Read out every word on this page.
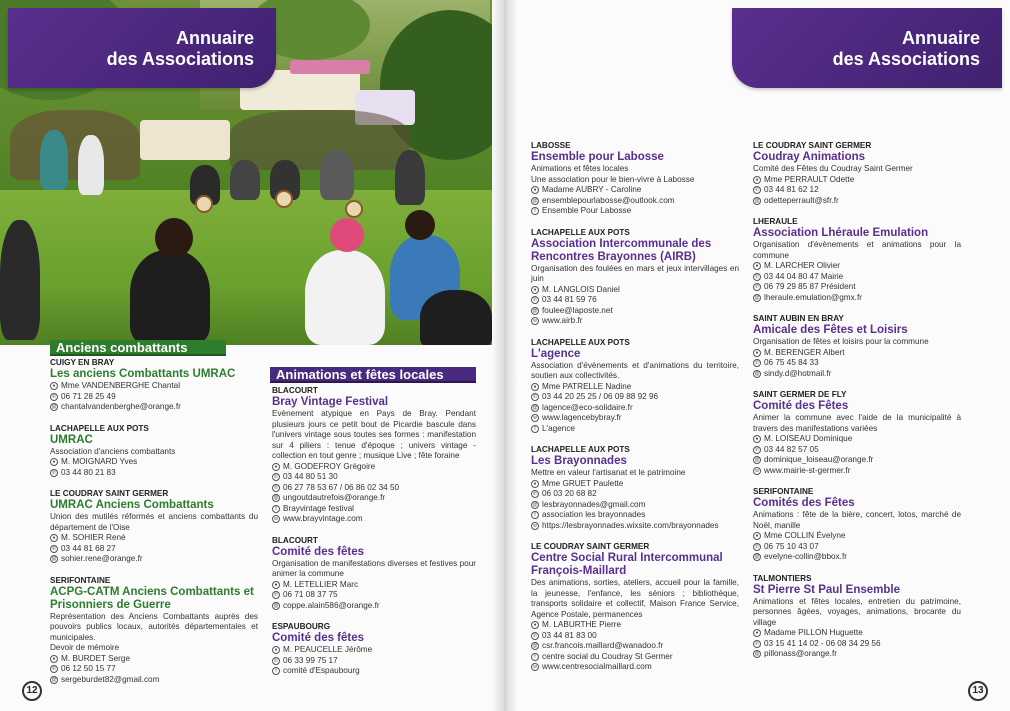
Annuaire
des Associations
Anciens combattants
Animations et fêtes locales
CUIGY EN BRAY
Les anciens Combattants UMRAC
● Mme VANDENBERGHE Chantal
✆ 06 71 28 25 49
@ chantalvandenberghe@orange.fr
LACHAPELLE AUX POTS
UMRAC
Association d'anciens combattants
● M. MOIGNARD Yves
✆ 03 44 80 21 83
LE COUDRAY SAINT GERMER
UMRAC Anciens Combattants
Union des mutilés réformés et anciens combattants du département de l'Oise
● M. SOHIER René
✆ 03 44 81 68 27
@ sohier.rene@orange.fr
SERIFONTAINE
ACPG-CATM Anciens Combattants et Prisonniers de Guerre
Représentation des Anciens Combattants auprès des pouvoirs publics locaux, autorités départementales et municipales.
Devoir de mémoire
● M. BURDET Serge
✆ 06 12 50 15 77
@ sergeburdet82@gmail.com
BLACOURT
Bray Vintage Festival
Evènement atypique en Pays de Bray. Pendant plusieurs jours ce petit bout de Picardie bascule dans l'univers vintage sous toutes ses formes : manifestation sur 4 piliers : tenue d'époque ; univers vintage - collection en tout genre ; musique Live ; fête foraine
● M. GODEFROY Grégoire
✆ 03 44 80 51 30
✆ 06 27 78 53 67 / 06 86 02 34 50
@ ungoutdautrefois@orange.fr
f Brayvintage festival
w www.brayvintage.com
BLACOURT
Comité des fêtes
Organisation de manifestations diverses et festives pour animer la commune
● M. LETELLIER Marc
✆ 06 71 08 37 75
@ coppe.alain586@orange.fr
ESPAUBOURG
Comité des fêtes
● M. PEAUCELLE Jérôme
✆ 06 33 99 75 17
f comité d'Espaubourg
12
Annuaire
des Associations
LABOSSE
Ensemble pour Labosse
Animations et fêtes locales
Une association pour le bien-vivre à Labosse
● Madame AUBRY - Caroline
@ ensemblepourlabosse@outlook.com
f Ensemble Pour Labosse
LACHAPELLE AUX POTS
Association Intercommunale des Rencontres Brayonnes (AIRB)
Organisation des foulées en mars et jeux intervillages en juin
● M. LANGLOIS Daniel
✆ 03 44 81 59 76
@ foulee@laposte.net
w www.airb.fr
LACHAPELLE AUX POTS
L'agence
Association d'évènements et d'animations du territoire, soutien aux collectivités.
● Mme PATRELLE Nadine
✆ 03 44 20 25 25 / 06 09 88 92 96
@ lagence@eco-solidaire.fr
w www.lagencebybray.fr
f L'agence
LACHAPELLE AUX POTS
Les Brayonnades
Mettre en valeur l'artisanat et le patrimoine
● Mme GRUET Paulette
✆ 06 03 20 68 82
@ lesbrayonnades@gmail.com
f association les brayonnades
w https://lesbrayonnades.wixsite.com/brayonnades
LE COUDRAY SAINT GERMER
Centre Social Rural Intercommunal François-Maillard
Des animations, sorties, ateliers, accueil pour la famille, la jeunesse, l'enfance, les séniors ; bibliothèque, transports solidaire et collectif, Maison France Service, Agence Postale, permanences
● M. LABURTHE Pierre
✆ 03 44 81 83 00
@ csr.francois.maillard@wanadoo.fr
f centre social du Coudray St Germer
w www.centresocialmaillard.com
LE COUDRAY SAINT GERMER
Coudray Animations
Comité des Fêtes du Coudray Saint Germer
● Mme PERRAULT Odette
✆ 03 44 81 62 12
@ odetteperrault@sfr.fr
LHERAULE
Association Lhéraule Emulation
Organisation d'évènements et animations pour la commune
● M. LARCHER Olivier
✆ 03 44 04 80 47 Mairie
✆ 06 79 29 85 87 Président
@ lheraule.emulation@gmx.fr
SAINT AUBIN EN BRAY
Amicale des Fêtes et Loisirs
Organisation de fêtes et loisirs pour la commune
● M. BERENGER Albert
✆ 06 75 45 84 33
@ sindy.d@hotmail.fr
SAINT GERMER DE FLY
Comité des Fêtes
Animer la commune avec l'aide de la municipalité à travers des manifestations variées
● M. LOISEAU Dominique
✆ 03 44 82 57 05
@ dominique_loiseau@orange.fr
w www.mairie-st-germer.fr
SERIFONTAINE
Comités des Fêtes
Animations : fête de la bière, concert, lotos, marché de Noël, manille
● Mme COLLIN Évelyne
✆ 06 75 10 43 07
@ evelyne-collin@bbox.fr
TALMONTIERS
St Pierre St Paul Ensemble
Animations et fêtes locales, entretien du patrimoine, personnes âgées, voyages, animations, brocante du village
● Madame PILLON Huguette
✆ 03 15 41 14 02 - 06 08 34 29 56
@ pillonass@orange.fr
13
